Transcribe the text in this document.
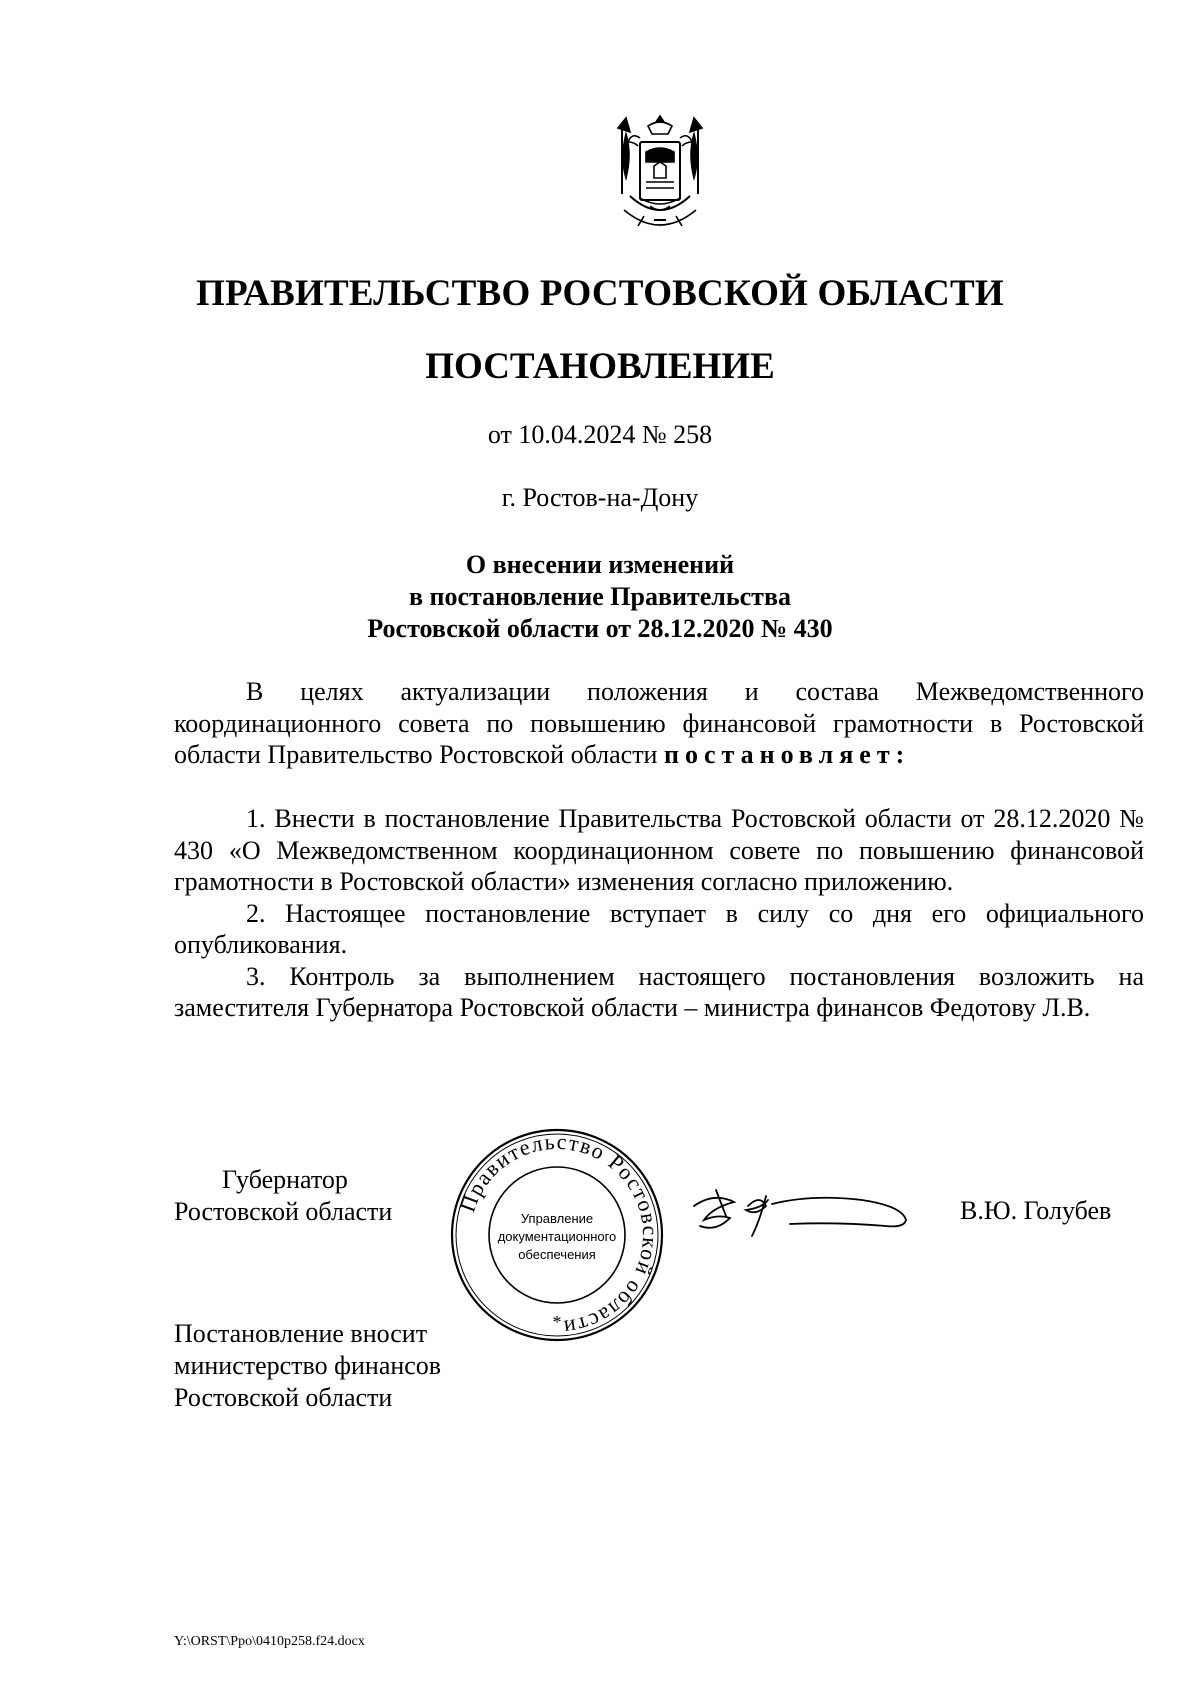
ПРАВИТЕЛЬСТВО РОСТОВСКОЙ ОБЛАСТИ
ПОСТАНОВЛЕНИЕ
от 10.04.2024 № 258
г. Ростов-на-Дону
О внесении изменений
в постановление Правительства
Ростовской области от 28.12.2020 № 430

В целях актуализации положения и состава Межведомственного координационного совета по повышению финансовой грамотности в Ростовской области Правительство Ростовской области постановляет:

1. Внести в постановление Правительства Ростовской области от 28.12.2020 № 430 «О Межведомственном координационном совете по повышению финансовой грамотности в Ростовской области» изменения согласно приложению.

2. Настоящее постановление вступает в силу со дня его официального опубликования.

3. Контроль за выполнением настоящего постановления возложить на заместителя Губернатора Ростовской области – министра финансов Федотову Л.В.

Губернатор
Ростовской области	Правительство Ростовской области
Управление
документационного
обеспечения
*
В.Ю. Голубев
Постановление вносит
министерство финансов
Ростовской области
Y:\ORST\Ppo\0410p258.f24.docx
